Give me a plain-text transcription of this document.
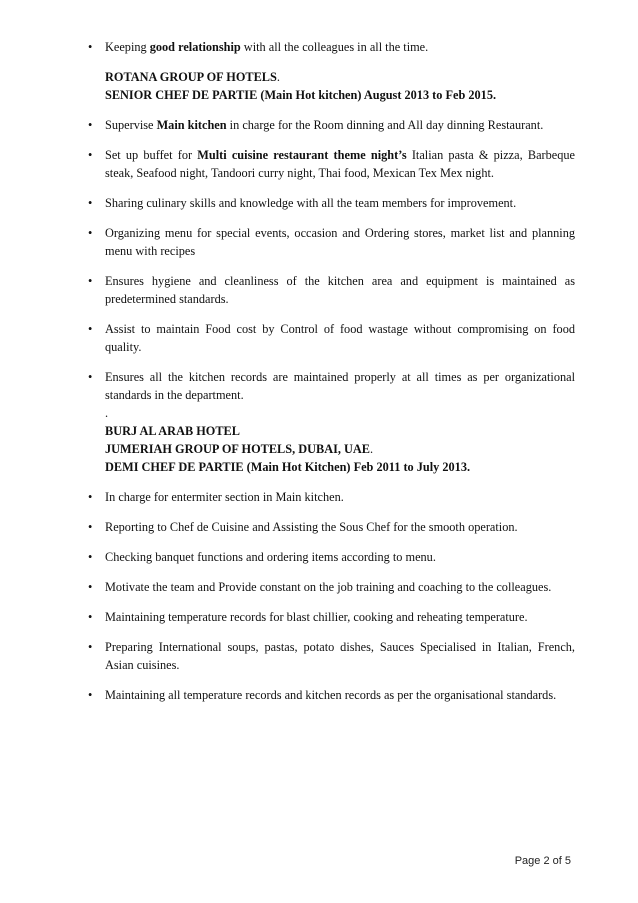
• Keeping good relationship with all the colleagues in all the time.
ROTANA GROUP OF HOTELS.
SENIOR CHEF DE PARTIE (Main Hot kitchen) August 2013 to Feb 2015.
• Supervise Main kitchen in charge for the Room dinning and All day dinning Restaurant.
• Set up buffet for Multi cuisine restaurant theme night’s Italian pasta & pizza, Barbeque steak, Seafood night, Tandoori curry night, Thai food, Mexican Tex Mex night.
• Sharing culinary skills and knowledge with all the team members for improvement.
• Organizing menu for special events, occasion and Ordering stores, market list and planning menu with recipes
• Ensures hygiene and cleanliness of the kitchen area and equipment is maintained as predetermined standards.
• Assist to maintain Food cost by Control of food wastage without compromising on food quality.
• Ensures all the kitchen records are maintained properly at all times as per organizational standards in the department.
.
BURJ AL ARAB HOTEL
JUMERIAH GROUP OF HOTELS, DUBAI, UAE.
DEMI CHEF DE PARTIE (Main Hot Kitchen) Feb 2011 to July 2013.
• In charge for entermiter section in Main kitchen.
• Reporting to Chef de Cuisine and Assisting the Sous Chef for the smooth operation.
• Checking banquet functions and ordering items according to menu.
• Motivate the team and Provide constant on the job training and coaching to the colleagues.
• Maintaining temperature records for blast chillier, cooking and reheating temperature.
• Preparing International soups, pastas, potato dishes, Sauces Specialised in Italian, French, Asian cuisines.
• Maintaining all temperature records and kitchen records as per the organisational standards.
Page 2 of 5
